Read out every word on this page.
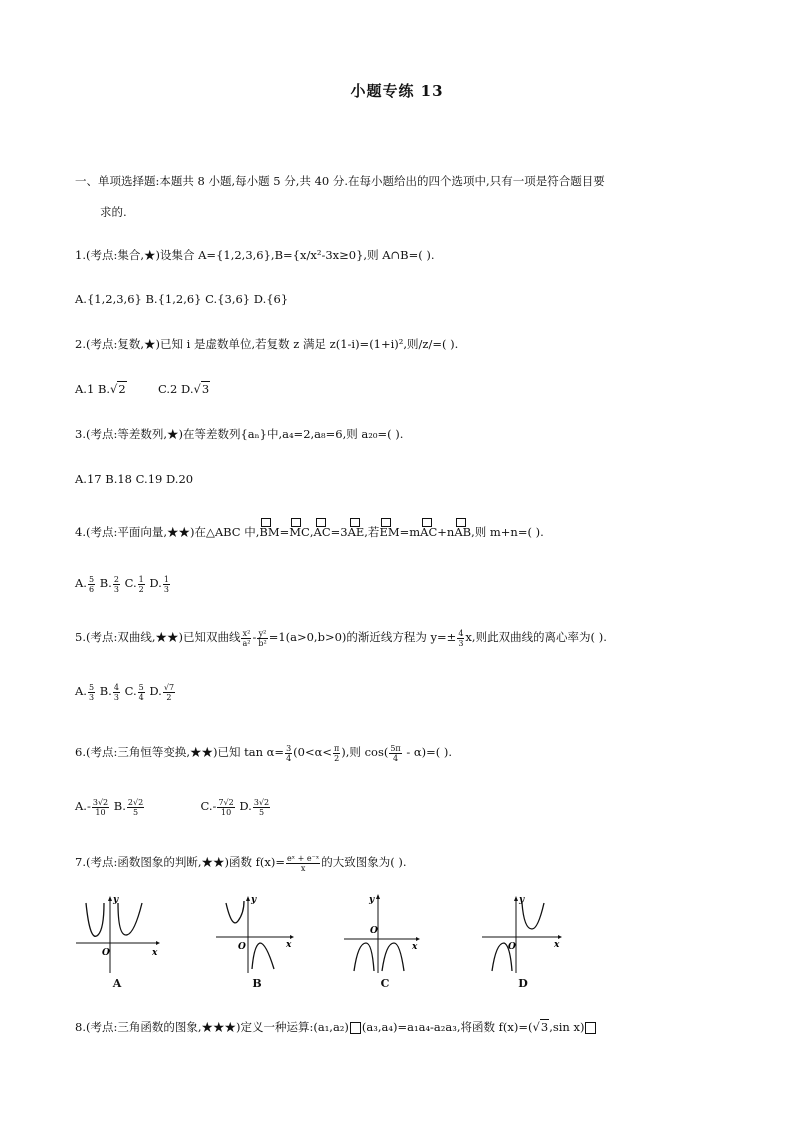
小题专练 13
一、单项选择题:本题共 8 小题,每小题 5 分,共 40 分.在每小题给出的四个选项中,只有一项是符合题目要
求的.
1.(考点:集合,★)设集合 A={1,2,3,6},B={x/x²-3x≥0},则 A∩B=( ).
A.{1,2,3,6} B.{1,2,6} C.{3,6} D.{6}
2.(考点:复数,★)已知 i 是虚数单位,若复数 z 满足 z(1-i)=(1+i)²,则/z/=( ).
A.1 B.√2	C.2 D.√3
3.(考点:等差数列,★)在等差数列{aₙ}中,a₄=2,a₈=6,则 a₂₀=( ).
A.17 B.18 C.19 D.20
4.(考点:平面向量,★★)在△ABC 中,BM=MC,AC=3AE,若EM=mAC+nAB,则 m+n=( ).
A. $\frac{5}{6} B$. $\frac{2}{3} C$. $\frac{1}{2} D$. $\frac{1}{3}$
5.(考点:双曲线,★★)已知双曲线 $\frac{\text{x²}}{\text{a²}} - \frac{\text{y²}}{\text{b²}} =1(a>0,b>0)$的渐近线方程为 $y=\pm \frac{4}{3} x$,则此双曲线的离心率为( ).
A. $\frac{5}{3} B$. $\frac{4}{3} C$. $\frac{5}{4} D$. $\frac{√7}{2}$
6.(考点:三角恒等变换,★★)已知 $\tan \alpha= \frac{3}{4} (0<\alpha< \frac{\pi}{2}$ ),则 $\cos( \frac{5\pi}{4} - \alpha)=$( ).
$A.- \frac{3√2}{10} B$. $\frac{2√2}{5}$	$C.- \frac{7√2}{10} D$. $\frac{3√2}{5}$
7.(考点:函数图象的判断,★★)函数 $f(x)= \frac{\text{eˣ + e⁻ˣ}}{x}$ 的大致图象为( ).
y
x
O
A
y
x
O
B
y
x
O
C
y
x
O
D
8.(考点:三角函数的图象,★★★)定义一种运算:(a₁,a₂) (a₃,a₄)=a₁a₄-a₂a₃,将函数 f(x)=(√3,sin x)
